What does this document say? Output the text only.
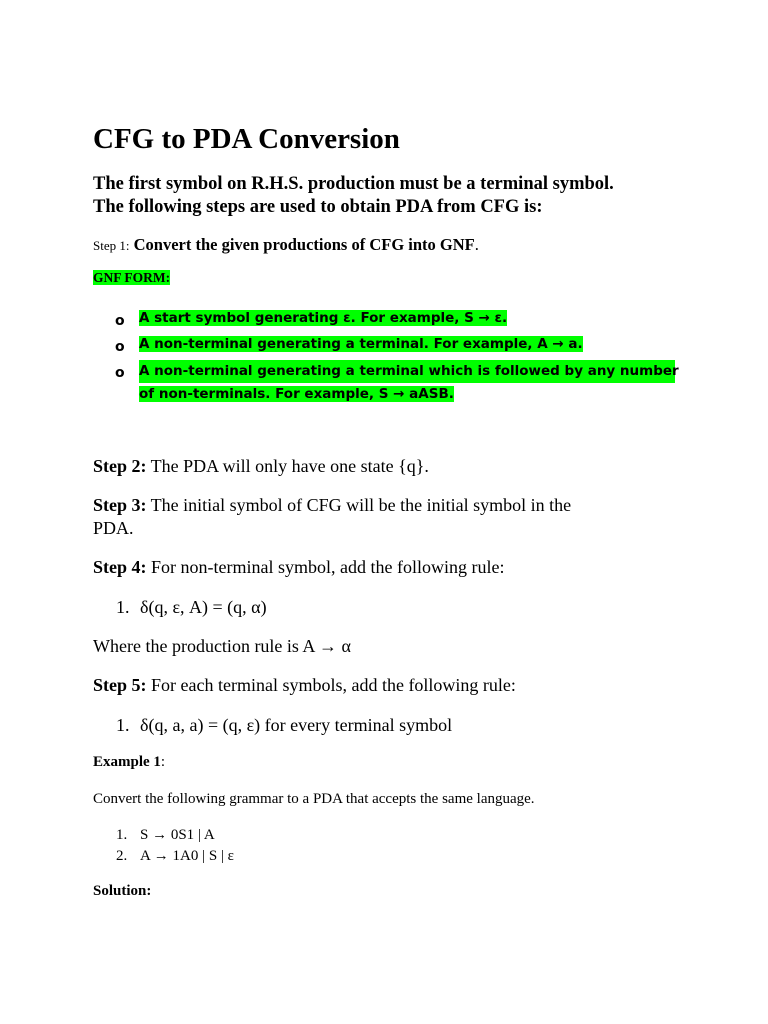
CFG to PDA Conversion
The first symbol on R.H.S. production must be a terminal symbol.
The following steps are used to obtain PDA from CFG is:
Step 1: Convert the given productions of CFG into GNF.
GNF FORM:
o A start symbol generating ε. For example, S → ε.
o A non-terminal generating a terminal. For example, A → a.
o A non-terminal generating a terminal which is followed by any number
of non-terminals. For example, S → aASB.
Step 2: The PDA will only have one state {q}.
Step 3: The initial symbol of CFG will be the initial symbol in the
PDA.
Step 4: For non-terminal symbol, add the following rule:
1. δ(q, ε, A) = (q, α)
Where the production rule is A → α
Step 5: For each terminal symbols, add the following rule:
1. δ(q, a, a) = (q, ε) for every terminal symbol
Example 1:
Convert the following grammar to a PDA that accepts the same language.
1. S → 0S1 | A
2. A → 1A0 | S | ε
Solution:
